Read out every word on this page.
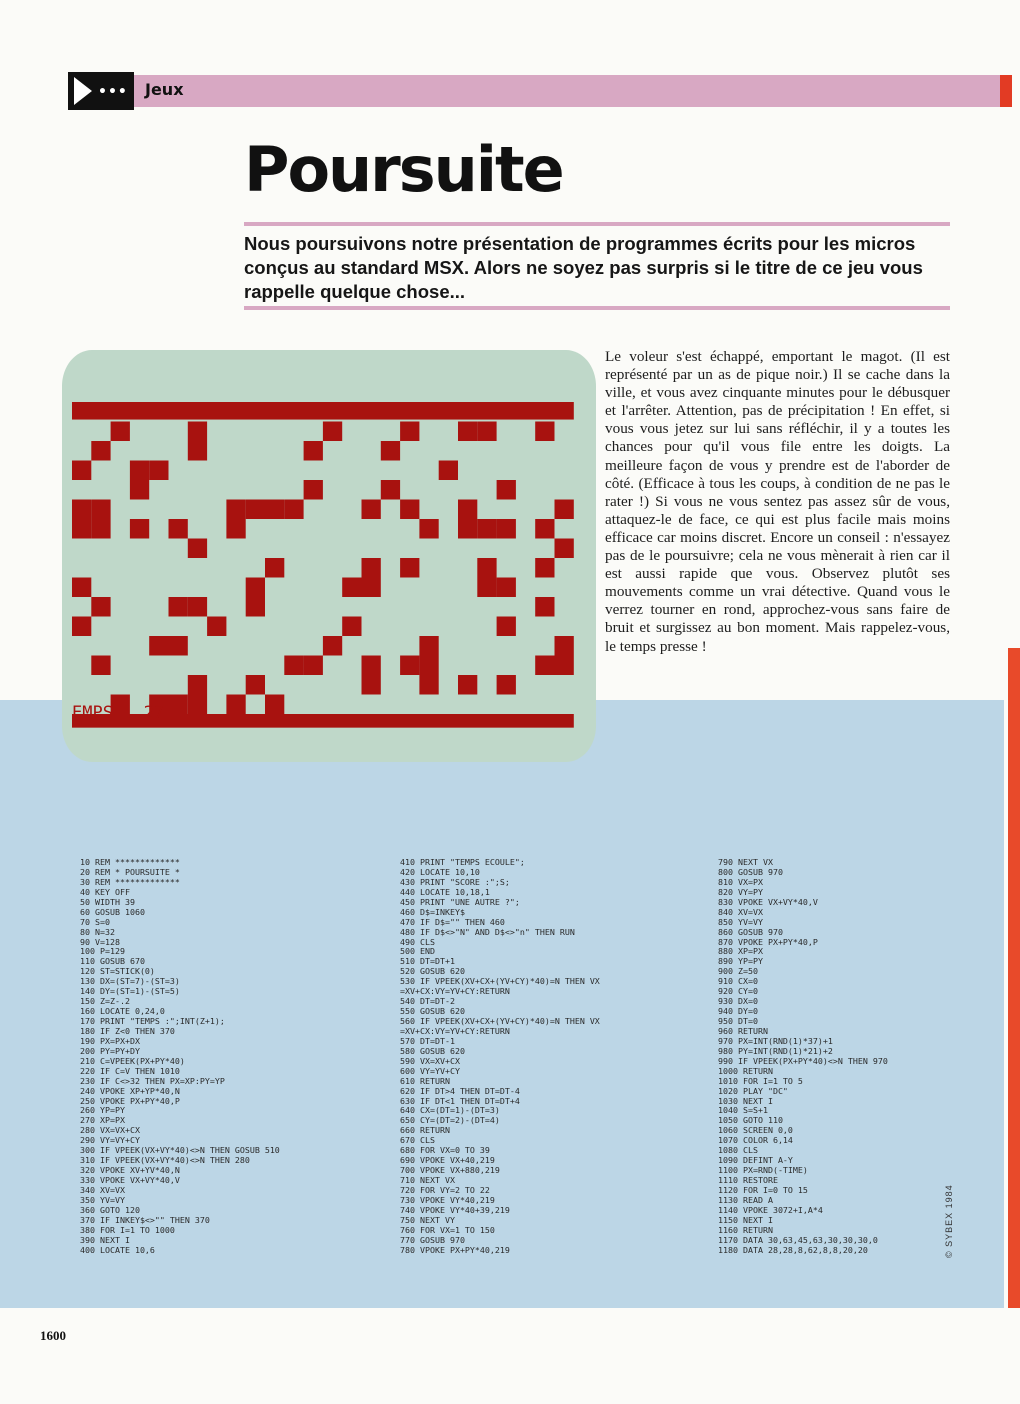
••• Jeux
Poursuite

Nous poursuivons notre présentation de programmes écrits pour les micros conçus au standard MSX. Alors ne soyez pas surpris si le titre de ce jeu vous rappelle quelque chose...

EMPS : 27

Le voleur s'est échappé, emportant le magot. (Il est représenté par un as de pique noir.) Il se cache dans la ville, et vous avez cinquante minutes pour le débusquer et l'arrêter. Attention, pas de précipitation ! En effet, si vous vous jetez sur lui sans réfléchir, il y a toutes les chances pour qu'il vous file entre les doigts. La meilleure façon de vous y prendre est de l'aborder de côté. (Efficace à tous les coups, à condition de ne pas le rater !) Si vous ne vous sentez pas assez sûr de vous, attaquez-le de face, ce qui est plus facile mais moins efficace car moins discret. Encore un conseil : n'essayez pas de le poursuivre; cela ne vous mènerait à rien car il est aussi rapide que vous. Observez plutôt ses mouvements comme un vrai détective. Quand vous le verrez tourner en rond, approchez-vous sans faire de bruit et surgissez au bon moment. Mais rappelez-vous, le temps presse !

10 REM *************
20 REM * POURSUITE *
30 REM *************
40 KEY OFF
50 WIDTH 39
60 GOSUB 1060
70 S=0
80 N=32
90 V=128
100 P=129
110 GOSUB 670
120 ST=STICK(0)
130 DX=(ST=7)-(ST=3)
140 DY=(ST=1)-(ST=5)
150 Z=Z-.2
160 LOCATE 0,24,0
170 PRINT "TEMPS :";INT(Z+1);
180 IF Z<0 THEN 370
190 PX=PX+DX
200 PY=PY+DY
210 C=VPEEK(PX+PY*40)
220 IF C=V THEN 1010
230 IF C<>32 THEN PX=XP:PY=YP
240 VPOKE XP+YP*40,N
250 VPOKE PX+PY*40,P
260 YP=PY
270 XP=PX
280 VX=VX+CX
290 VY=VY+CY
300 IF VPEEK(VX+VY*40)<>N THEN GOSUB 510
310 IF VPEEK(VX+VY*40)<>N THEN 280
320 VPOKE XV+YV*40,N
330 VPOKE VX+VY*40,V
340 XV=VX
350 YV=VY
360 GOTO 120
370 IF INKEY$<>"" THEN 370
380 FOR I=1 TO 1000
390 NEXT I
400 LOCATE 10,6
410 PRINT "TEMPS ECOULE";
420 LOCATE 10,10
430 PRINT "SCORE :";S;
440 LOCATE 10,18,1
450 PRINT "UNE AUTRE ?";
460 D$=INKEY$
470 IF D$="" THEN 460
480 IF D$<>"N" AND D$<>"n" THEN RUN
490 CLS
500 END
510 DT=DT+1
520 GOSUB 620
530 IF VPEEK(XV+CX+(YV+CY)*40)=N THEN VX
=XV+CX:VY=YV+CY:RETURN
540 DT=DT-2
550 GOSUB 620
560 IF VPEEK(XV+CX+(YV+CY)*40)=N THEN VX
=XV+CX:VY=YV+CY:RETURN
570 DT=DT-1
580 GOSUB 620
590 VX=XV+CX
600 VY=YV+CY
610 RETURN
620 IF DT>4 THEN DT=DT-4
630 IF DT<1 THEN DT=DT+4
640 CX=(DT=1)-(DT=3)
650 CY=(DT=2)-(DT=4)
660 RETURN
670 CLS
680 FOR VX=0 TO 39
690 VPOKE VX+40,219
700 VPOKE VX+880,219
710 NEXT VX
720 FOR VY=2 TO 22
730 VPOKE VY*40,219
740 VPOKE VY*40+39,219
750 NEXT VY
760 FOR VX=1 TO 150
770 GOSUB 970
780 VPOKE PX+PY*40,219
790 NEXT VX
800 GOSUB 970
810 VX=PX
820 VY=PY
830 VPOKE VX+VY*40,V
840 XV=VX
850 YV=VY
860 GOSUB 970
870 VPOKE PX+PY*40,P
880 XP=PX
890 YP=PY
900 Z=50
910 CX=0
920 CY=0
930 DX=0
940 DY=0
950 DT=0
960 RETURN
970 PX=INT(RND(1)*37)+1
980 PY=INT(RND(1)*21)+2
990 IF VPEEK(PX+PY*40)<>N THEN 970
1000 RETURN
1010 FOR I=1 TO 5
1020 PLAY "DC"
1030 NEXT I
1040 S=S+1
1050 GOTO 110
1060 SCREEN 0,0
1070 COLOR 6,14
1080 CLS
1090 DEFINT A-Y
1100 PX=RND(-TIME)
1110 RESTORE
1120 FOR I=0 TO 15
1130 READ A
1140 VPOKE 3072+I,A*4
1150 NEXT I
1160 RETURN
1170 DATA 30,63,45,63,30,30,30,0
1180 DATA 28,28,8,62,8,8,20,20	© SYBEX 1984
1600
